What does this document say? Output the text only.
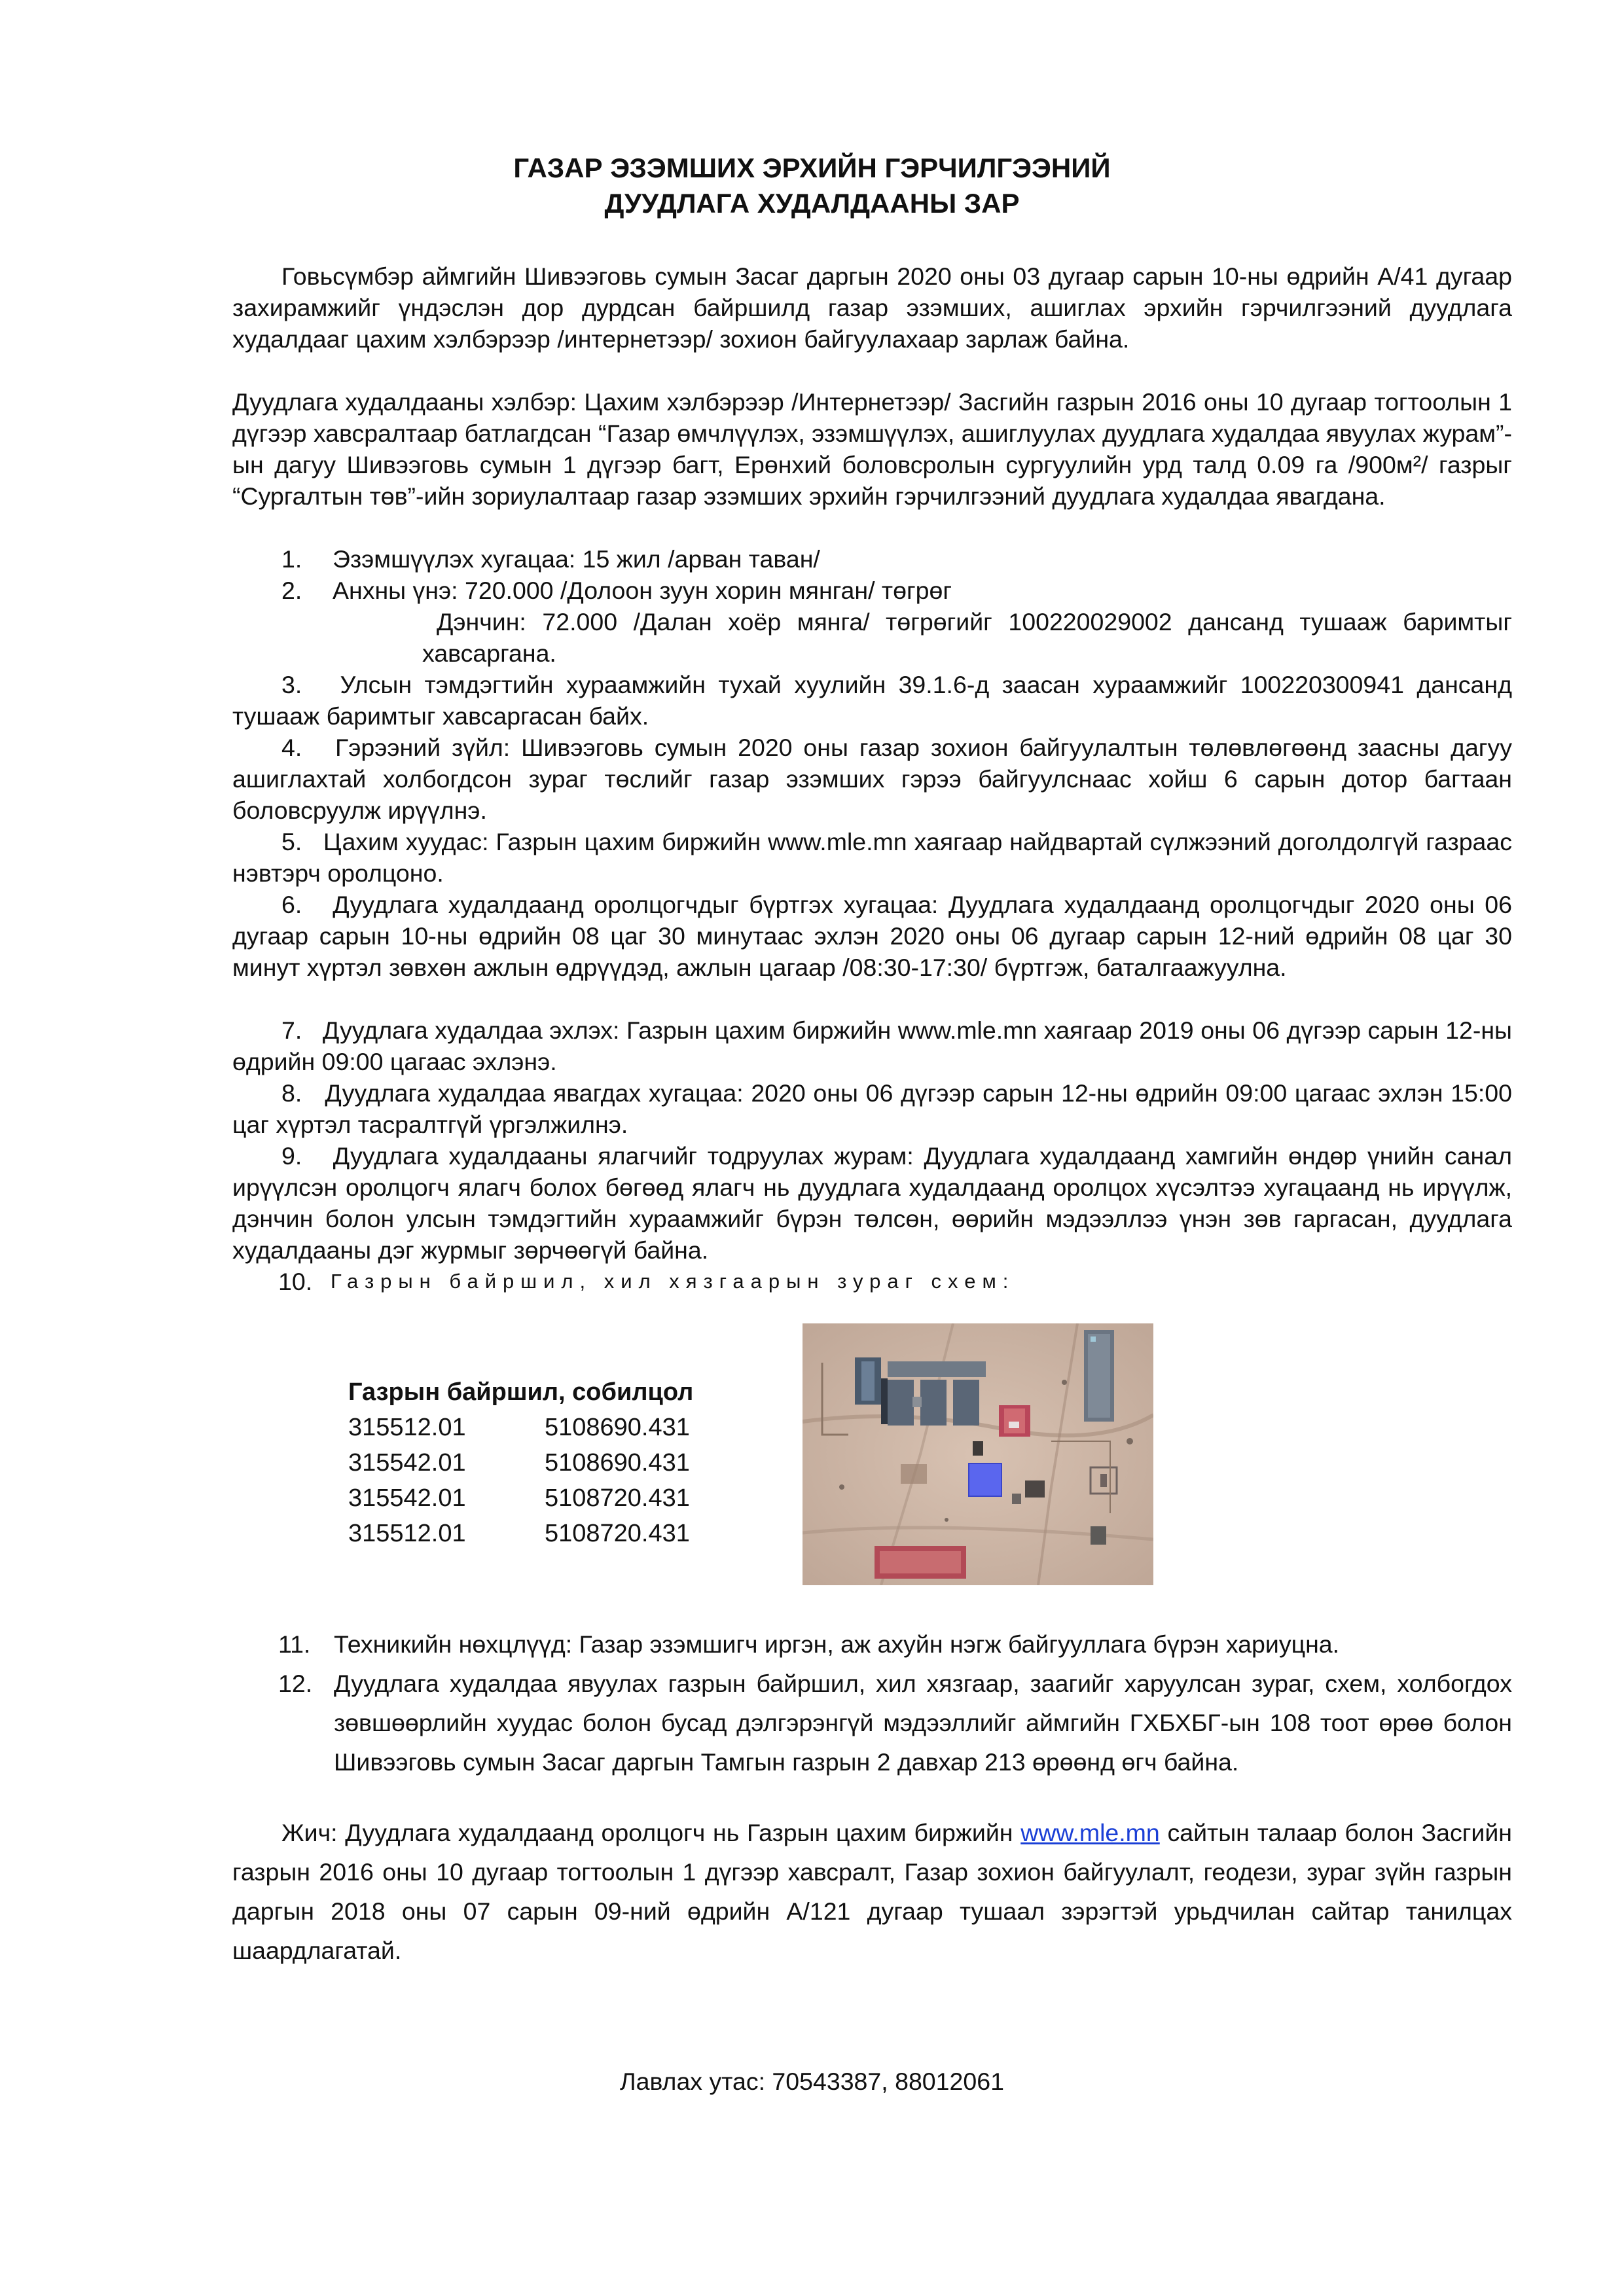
ГАЗАР ЭЗЭМШИХ ЭРХИЙН ГЭРЧИЛГЭЭНИЙ
ДУУДЛАГА ХУДАЛДААНЫ ЗАР
Говьсүмбэр аймгийн Шивээговь сумын Засаг даргын 2020 оны 03 дугаар сарын 10-ны өдрийн А/41 дугаар захирамжийг үндэслэн дор дурдсан байршилд газар эзэмших, ашиглах эрхийн гэрчилгээний дуудлага худалдааг цахим хэлбэрээр /интернетээр/ зохион байгуулахаар зарлаж байна.
Дуудлага худалдааны хэлбэр: Цахим хэлбэрээр /Интернетээр/ Засгийн газрын 2016 оны 10 дугаар тогтоолын 1 дүгээр хавсралтаар батлагдсан “Газар өмчлүүлэх, эзэмшүүлэх, ашиглуулах дуудлага худалдаа явуулах журам”-ын дагуу Шивээговь сумын 1 дүгээр багт, Ерөнхий боловсролын сургуулийн урд талд 0.09 га /900м²/ газрыг “Сургалтын төв”-ийн зориулалтаар газар эзэмших эрхийн гэрчилгээний дуудлага худалдаа явагдана.
1. Эзэмшүүлэх хугацаа: 15 жил /арван таван/
2. Анхны үнэ: 720.000 /Долоон зуун хорин мянган/ төгрөг
Дэнчин: 72.000 /Далан хоёр мянга/ төгрөгийг 100220029002 дансанд тушааж баримтыг хавсаргана.
3. Улсын тэмдэгтийн хураамжийн тухай хуулийн 39.1.6-д заасан хураамжийг 100220300941 дансанд тушааж баримтыг хавсаргасан байх.
4. Гэрээний зүйл: Шивээговь сумын 2020 оны газар зохион байгуулалтын төлөвлөгөөнд заасны дагуу ашиглахтай холбогдсон зураг төслийг газар эзэмших гэрээ байгуулснаас хойш 6 сарын дотор багтаан боловсруулж ирүүлнэ.
5. Цахим хуудас: Газрын цахим биржийн www.mle.mn хаягаар найдвартай сүлжээний доголдолгүй газраас нэвтэрч оролцоно.
6. Дуудлага худалдаанд оролцогчдыг бүртгэх хугацаа: Дуудлага худалдаанд оролцогчдыг 2020 оны 06 дугаар сарын 10-ны өдрийн 08 цаг 30 минутаас эхлэн 2020 оны 06 дугаар сарын 12-ний өдрийн 08 цаг 30 минут хүртэл зөвхөн ажлын өдрүүдэд, ажлын цагаар /08:30-17:30/ бүртгэж, баталгаажуулна.
7. Дуудлага худалдаа эхлэх: Газрын цахим биржийн www.mle.mn хаягаар 2019 оны 06 дүгээр сарын 12-ны өдрийн 09:00 цагаас эхлэнэ.
8. Дуудлага худалдаа явагдах хугацаа: 2020 оны 06 дүгээр сарын 12-ны өдрийн 09:00 цагаас эхлэн 15:00 цаг хүртэл тасралтгүй үргэлжилнэ.
9. Дуудлага худалдааны ялагчийг тодруулах журам: Дуудлага худалдаанд хамгийн өндөр үнийн санал ирүүлсэн оролцогч ялагч болох бөгөөд ялагч нь дуудлага худалдаанд оролцох хүсэлтээ хугацаанд нь ирүүлж, дэнчин болон улсын тэмдэгтийн хураамжийг бүрэн төлсөн, өөрийн мэдээллээ үнэн зөв гаргасан, дуудлага худалдааны дэг журмыг зөрчөөгүй байна.
10. Газрын байршил, хил хязгаарын зураг схем:
Газрын байршил, собилцол
315512.01	5108690.431
315542.01	5108690.431
315542.01	5108720.431
315512.01	5108720.431
11. Техникийн нөхцлүүд: Газар эзэмшигч иргэн, аж ахуйн нэгж байгууллага бүрэн хариуцна.
12. Дуудлага худалдаа явуулах газрын байршил, хил хязгаар, заагийг харуулсан зураг, схем, холбогдох зөвшөөрлийн хуудас болон бусад дэлгэрэнгүй мэдээллийг аймгийн ГХБХБГ-ын 108 тоот өрөө болон Шивээговь сумын Засаг даргын Тамгын газрын 2 давхар 213 өрөөнд өгч байна.
Жич: Дуудлага худалдаанд оролцогч нь Газрын цахим биржийн www.mle.mn сайтын талаар болон Засгийн газрын 2016 оны 10 дугаар тогтоолын 1 дүгээр хавсралт, Газар зохион байгуулалт, геодези, зураг зүйн газрын даргын 2018 оны 07 сарын 09-ний өдрийн А/121 дугаар тушаал зэрэгтэй урьдчилан сайтар танилцах шаардлагатай.
Лавлах утас: 70543387, 88012061
